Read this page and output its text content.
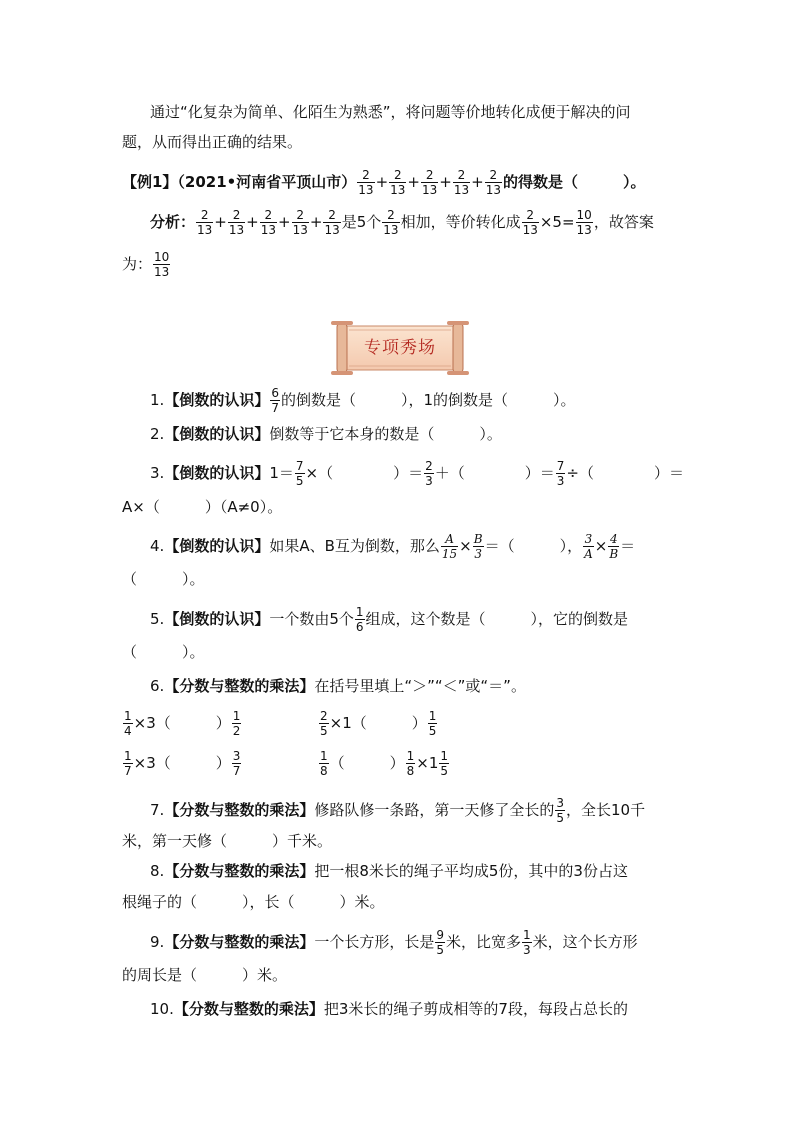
通过“化复杂为简单、化陌生为熟悉”，将问题等价地转化成便于解决的问
题，从而得出正确的结果。
【例1】（2021•河南省平顶山市） $\frac{2}{13} + \frac{2}{13} + \frac{2}{13} + \frac{2}{13} + \frac{2}{13}$ 的得数是（　　　）。
分析： $\frac{2}{13} + \frac{2}{13} + \frac{2}{13} + \frac{2}{13} + \frac{2}{13}$ 是5个 $\frac{2}{13}$ 相加，等价转化成 $\frac{2}{13} \times 5= \frac{10}{13}$ ，故答案
为： $\frac{10}{13}$
专项秀场
1.【倒数的认识】 $\frac{6}{7}$ 的倒数是（　　　），1的倒数是（　　　）。
2.【倒数的认识】倒数等于它本身的数是（　　　）。
3.【倒数的认识】$1= \frac{7}{5}$ ×（　　　　）＝ $\frac{2}{3}$ ＋（　　　　）＝ $\frac{7}{3}$ ÷（　　　　）＝
A×（　　　）（A≠0）。
4.【倒数的认识】如果A、B互为倒数，那么 $\frac{A}{15} \times \frac{B}{3}$ ＝（　　　）， $\frac{3}{A} \times \frac{4}{B}$ ＝
（　　　）。
5.【倒数的认识】一个数由5个 $\frac{1}{6}$ 组成，这个数是（　　　），它的倒数是
（　　　）。
6.【分数与整数的乘法】在括号里填上“＞”“＜”或“＝”。
$\frac{1}{4} \times 3$（　　　） $\frac{1}{2}$	$\frac{2}{5} \times 1$（　　　） $\frac{1}{5}$
$\frac{1}{7} \times 3$（　　　） $\frac{3}{7}$	$\frac{1}{8}$ （　　　） $\frac{1}{8} \times 1 \frac{1}{5}$
7.【分数与整数的乘法】修路队修一条路，第一天修了全长的 $\frac{3}{5}$ ，全长10千
米，第一天修（　　　）千米。
8.【分数与整数的乘法】把一根8米长的绳子平均成5份，其中的3份占这
根绳子的（　　　），长（　　　）米。
9.【分数与整数的乘法】一个长方形，长是 $\frac{9}{5}$ 米，比宽多 $\frac{1}{3}$ 米，这个长方形
的周长是（　　　）米。
10.【分数与整数的乘法】把3米长的绳子剪成相等的7段，每段占总长的
